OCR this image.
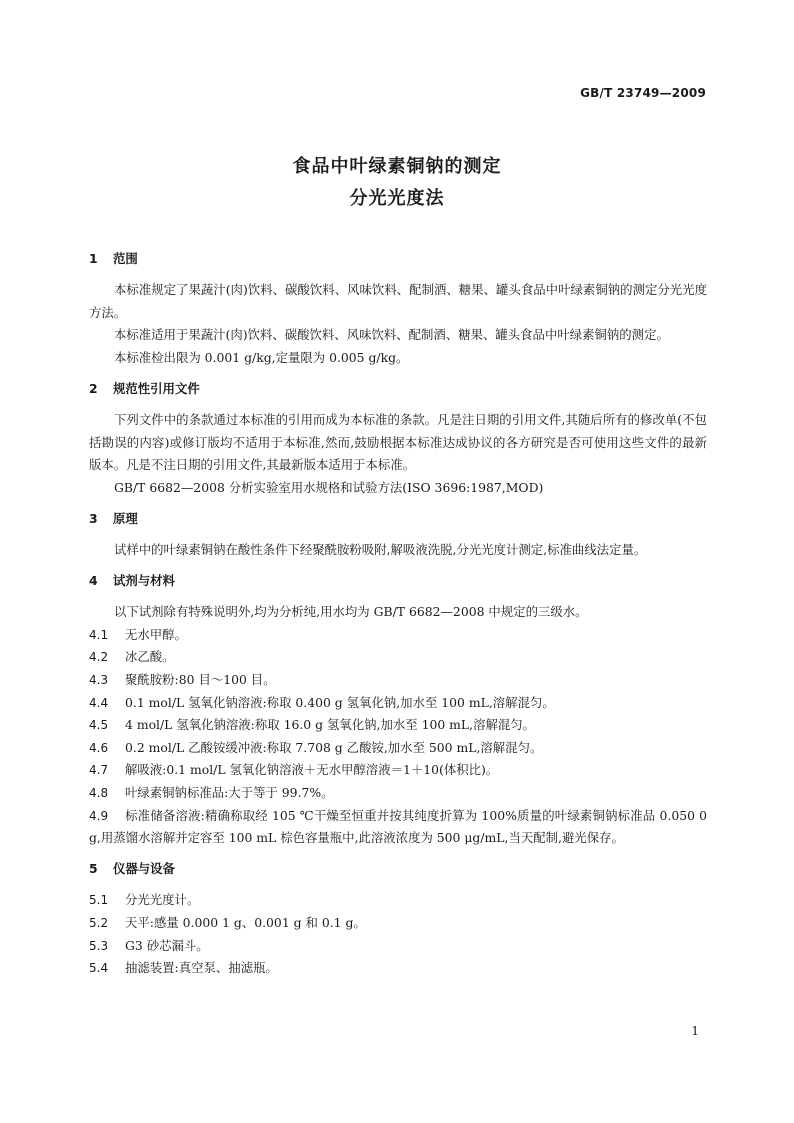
GB/T 23749—2009
食品中叶绿素铜钠的测定
分光光度法
1 范围

本标准规定了果蔬汁(肉)饮料、碳酸饮料、风味饮料、配制酒、糖果、罐头食品中叶绿素铜钠的测定分光光度方法。

本标准适用于果蔬汁(肉)饮料、碳酸饮料、风味饮料、配制酒、糖果、罐头食品中叶绿素铜钠的测定。

本标准检出限为 0.001 g/kg,定量限为 0.005 g/kg。

2 规范性引用文件

下列文件中的条款通过本标准的引用而成为本标准的条款。凡是注日期的引用文件,其随后所有的修改单(不包括勘误的内容)或修订版均不适用于本标准,然而,鼓励根据本标准达成协议的各方研究是否可使用这些文件的最新版本。凡是不注日期的引用文件,其最新版本适用于本标准。

GB/T 6682—2008 分析实验室用水规格和试验方法(ISO 3696:1987,MOD)

3 原理

试样中的叶绿素铜钠在酸性条件下经聚酰胺粉吸附,解吸液洗脱,分光光度计测定,标准曲线法定量。

4 试剂与材料

以下试剂除有特殊说明外,均为分析纯,用水均为 GB/T 6682—2008 中规定的三级水。

4.1 无水甲醇。
4.2 冰乙酸。
4.3 聚酰胺粉:80 目～100 目。
4.4 0.1 mol/L 氢氧化钠溶液:称取 0.400 g 氢氧化钠,加水至 100 mL,溶解混匀。
4.5 4 mol/L 氢氧化钠溶液:称取 16.0 g 氢氧化钠,加水至 100 mL,溶解混匀。
4.6 0.2 mol/L 乙酸铵缓冲液:称取 7.708 g 乙酸铵,加水至 500 mL,溶解混匀。
4.7 解吸液:0.1 mol/L 氢氧化钠溶液＋无水甲醇溶液＝1＋10(体积比)。
4.8 叶绿素铜钠标准品:大于等于 99.7%。
4.9 标准储备溶液:精确称取经 105 ℃干燥至恒重并按其纯度折算为 100%质量的叶绿素铜钠标准品 0.050 0 g,用蒸馏水溶解并定容至 100 mL 棕色容量瓶中,此溶液浓度为 500 μg/mL,当天配制,避光保存。
5 仪器与设备
5.1 分光光度计。
5.2 天平:感量 0.000 1 g、0.001 g 和 0.1 g。
5.3 G3 砂芯漏斗。
5.4 抽滤装置:真空泵、抽滤瓶。
1
